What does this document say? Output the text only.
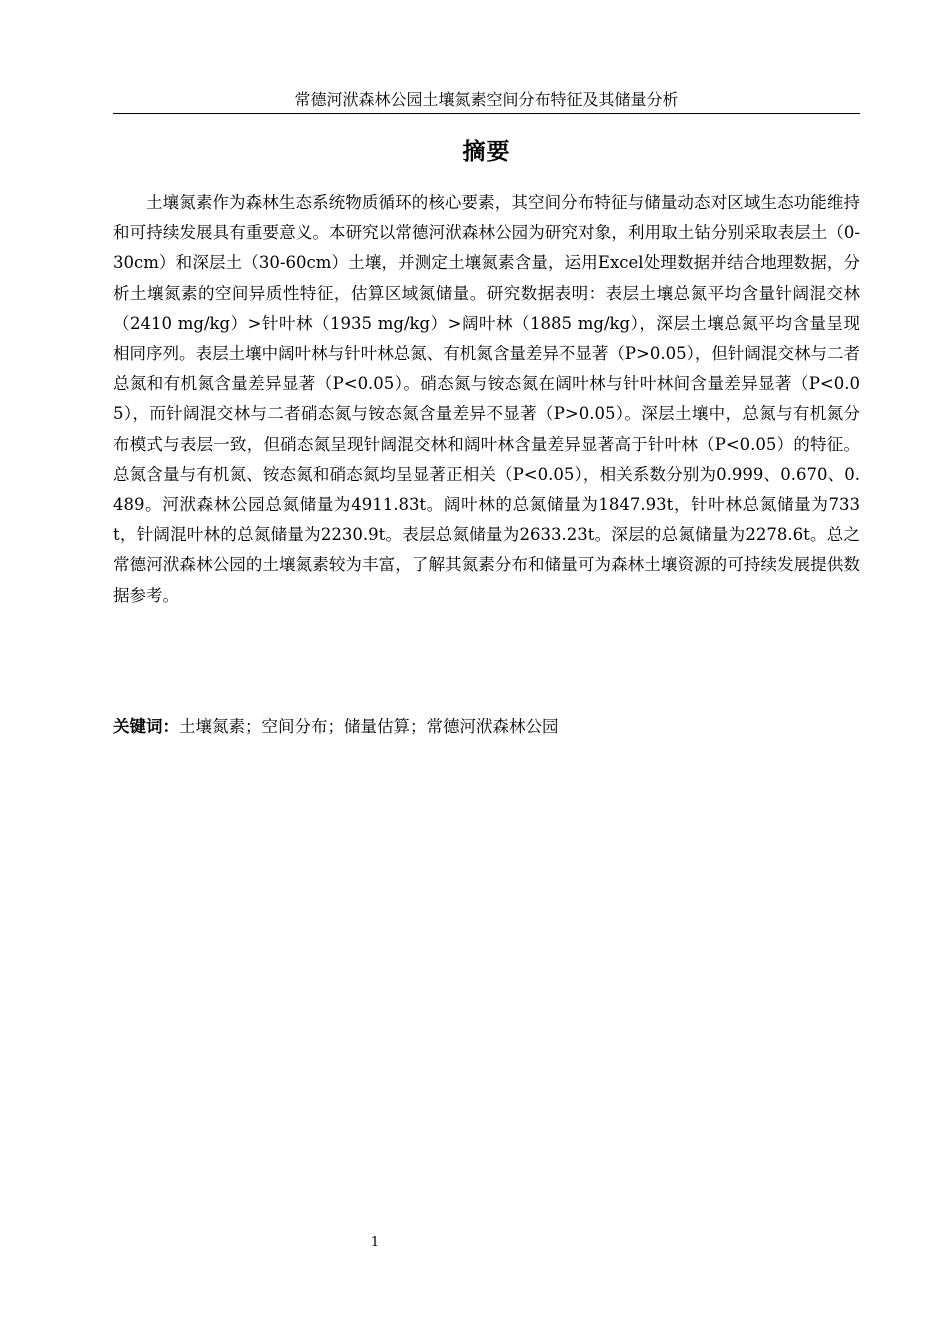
常德河洑森林公园土壤氮素空间分布特征及其储量分析
摘要

土壤氮素作为森林生态系统物质循环的核心要素，其空间分布特征与储量动态对区域生态功能维持和可持续发展具有重要意义。本研究以常德河洑森林公园为研究对象，利用取土钻分别采取表层土（0-30cm）和深层土（30-60cm）土壤，并测定土壤氮素含量，运用Excel处理数据并结合地理数据，分析土壤氮素的空间异质性特征，估算区域氮储量。研究数据表明：表层土壤总氮平均含量针阔混交林（2410 mg/kg）>针叶林（1935 mg/kg）>阔叶林（1885 mg/kg），深层土壤总氮平均含量呈现相同序列。表层土壤中阔叶林与针叶林总氮、有机氮含量差异不显著（P>0.05），但针阔混交林与二者总氮和有机氮含量差异显著（P<0.05）。硝态氮与铵态氮在阔叶林与针叶林间含量差异显著（P<0.05），而针阔混交林与二者硝态氮与铵态氮含量差异不显著（P>0.05）。深层土壤中，总氮与有机氮分布模式与表层一致，但硝态氮呈现针阔混交林和阔叶林含量差异显著高于针叶林（P<0.05）的特征。总氮含量与有机氮、铵态氮和硝态氮均呈显著正相关（P<0.05），相关系数分别为0.999、0.670、0.489。河洑森林公园总氮储量为4911.83t。阔叶林的总氮储量为1847.93t，针叶林总氮储量为733t，针阔混叶林的总氮储量为2230.9t。表层总氮储量为2633.23t。深层的总氮储量为2278.6t。总之常德河洑森林公园的土壤氮素较为丰富，了解其氮素分布和储量可为森林土壤资源的可持续发展提供数据参考。

关键词：土壤氮素；空间分布；储量估算；常德河洑森林公园
1
